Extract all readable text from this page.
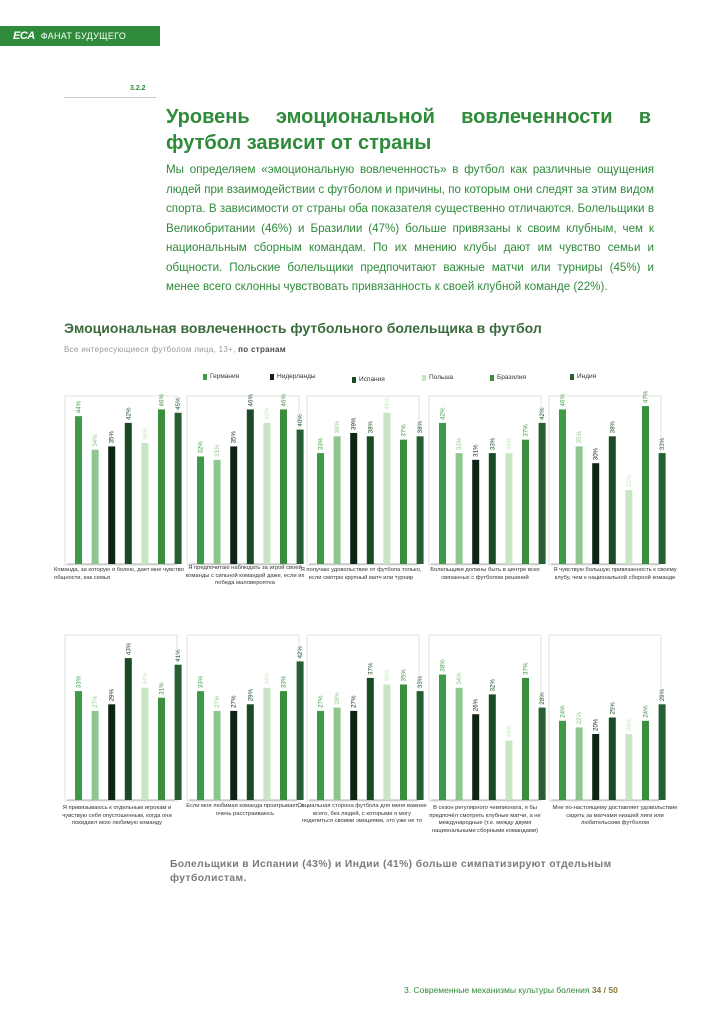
ECA ФАНАТ БУДУЩЕГО
3.2.2
Уровень эмоциональной вовлеченности в футбол зависит от страны

Мы определяем «эмоциональную вовлеченность» в футбол как различные ощущения людей при взаимодействии с футболом и причины, по которым они следят за этим видом спорта. В зависимости от страны оба показателя существенно отличаются. Болельщики в Великобритании (46%) и Бразилии (47%) больше привязаны к своим клубным, чем к национальным сборным командам. По их мнению клубы дают им чувство семьи и общности. Польские болельщики предпочитают важные матчи или турниры (45%) и менее всего склонны чувствовать привязанность к своей клубной команде (22%).

Эмоциональная вовлеченность футбольного болельщика в футбол
Все интересующиеся футболом лица, 13+, по странам
Германия	Нидерланды	Испания	Польша	Бразилия	Индия
44%
34% 35%
42%
36%
46% 45%
32% 31%
35%
46%
42%
46%
40%
33%
38% 39% 38%
45%
37% 38%
42%
33%
31%
33% 33%
37%
42%
46%
35%
30%
38%
22%
47%
33%
33%
27%
29%
43%
34%
31%
41%
33%
27% 27%
29%
34% 33%
42%
27% 28% 27%
37%
35% 35%
33%
38%
34%
26%
32%
18%
37%
28%
24%
22%
20%
25%
20%
24%
29%
Команда, за которую я болею, дает мне чувство общности, как семья
Я предпочитаю наблюдать за игрой своей команды с сильной командой даже, если их победа маловероятна
Я получаю удовольствие от футбола только, если смотрю крупный матч или турнир
Болельщики должны быть в центре всех связанных с футболом решений
Я чувствую большую привязанность к своему клубу, чем к национальной сборной команде
Я привязываюсь к отдельным игрокам и чувствую себя опустошенным, когда они покидают мою любимую команду
Если моя любимая команда проигрывает, я очень расстраиваюсь
Социальная сторона футбола для меня важнее всего, без людей, с которыми я могу поделиться своими эмоциями, это уже не то
В сезон регулярного чемпионата, я бы предпочёл смотреть клубные матчи, а не международные (т.е. между двумя национальными сборными командами)
Мне по-настоящему доставляет удовольствие сидеть за матчами низшей лиги или любительским футболом

Болельщики в Испании (43%) и Индии (41%) больше симпатизируют отдельным футболистам.

3. Современные механизмы культуры боления 34 / 50
